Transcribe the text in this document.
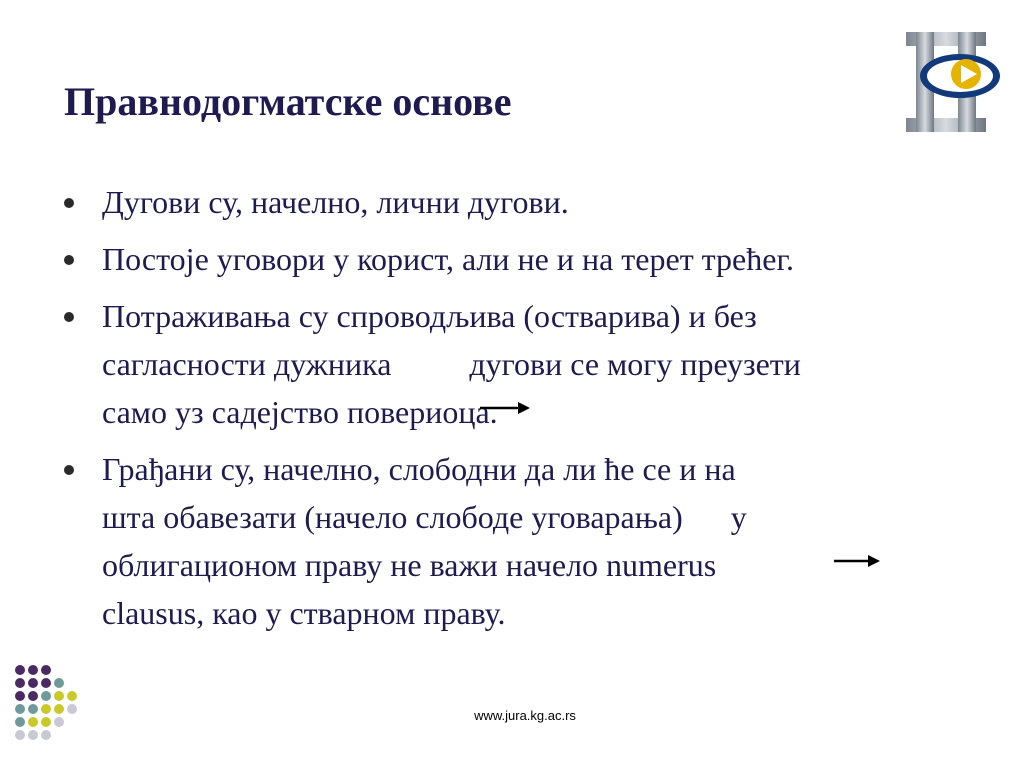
Правнодогматске основе
Дугови су, начелно, лични дугови.
Постоје уговори у корист, али не и на терет трећег.
Потраживања су спроводљива (остварива) и без
сагласности дужника дугови се могу преузети
само уз садејство повериоца.
Грађани су, начелно, слободни да ли ће се и на
шта обавезати (начело слободе уговарања) у
облигационом праву не важи начело numerus
clausus, као у стварном праву.
www.jura.kg.ac.rs
